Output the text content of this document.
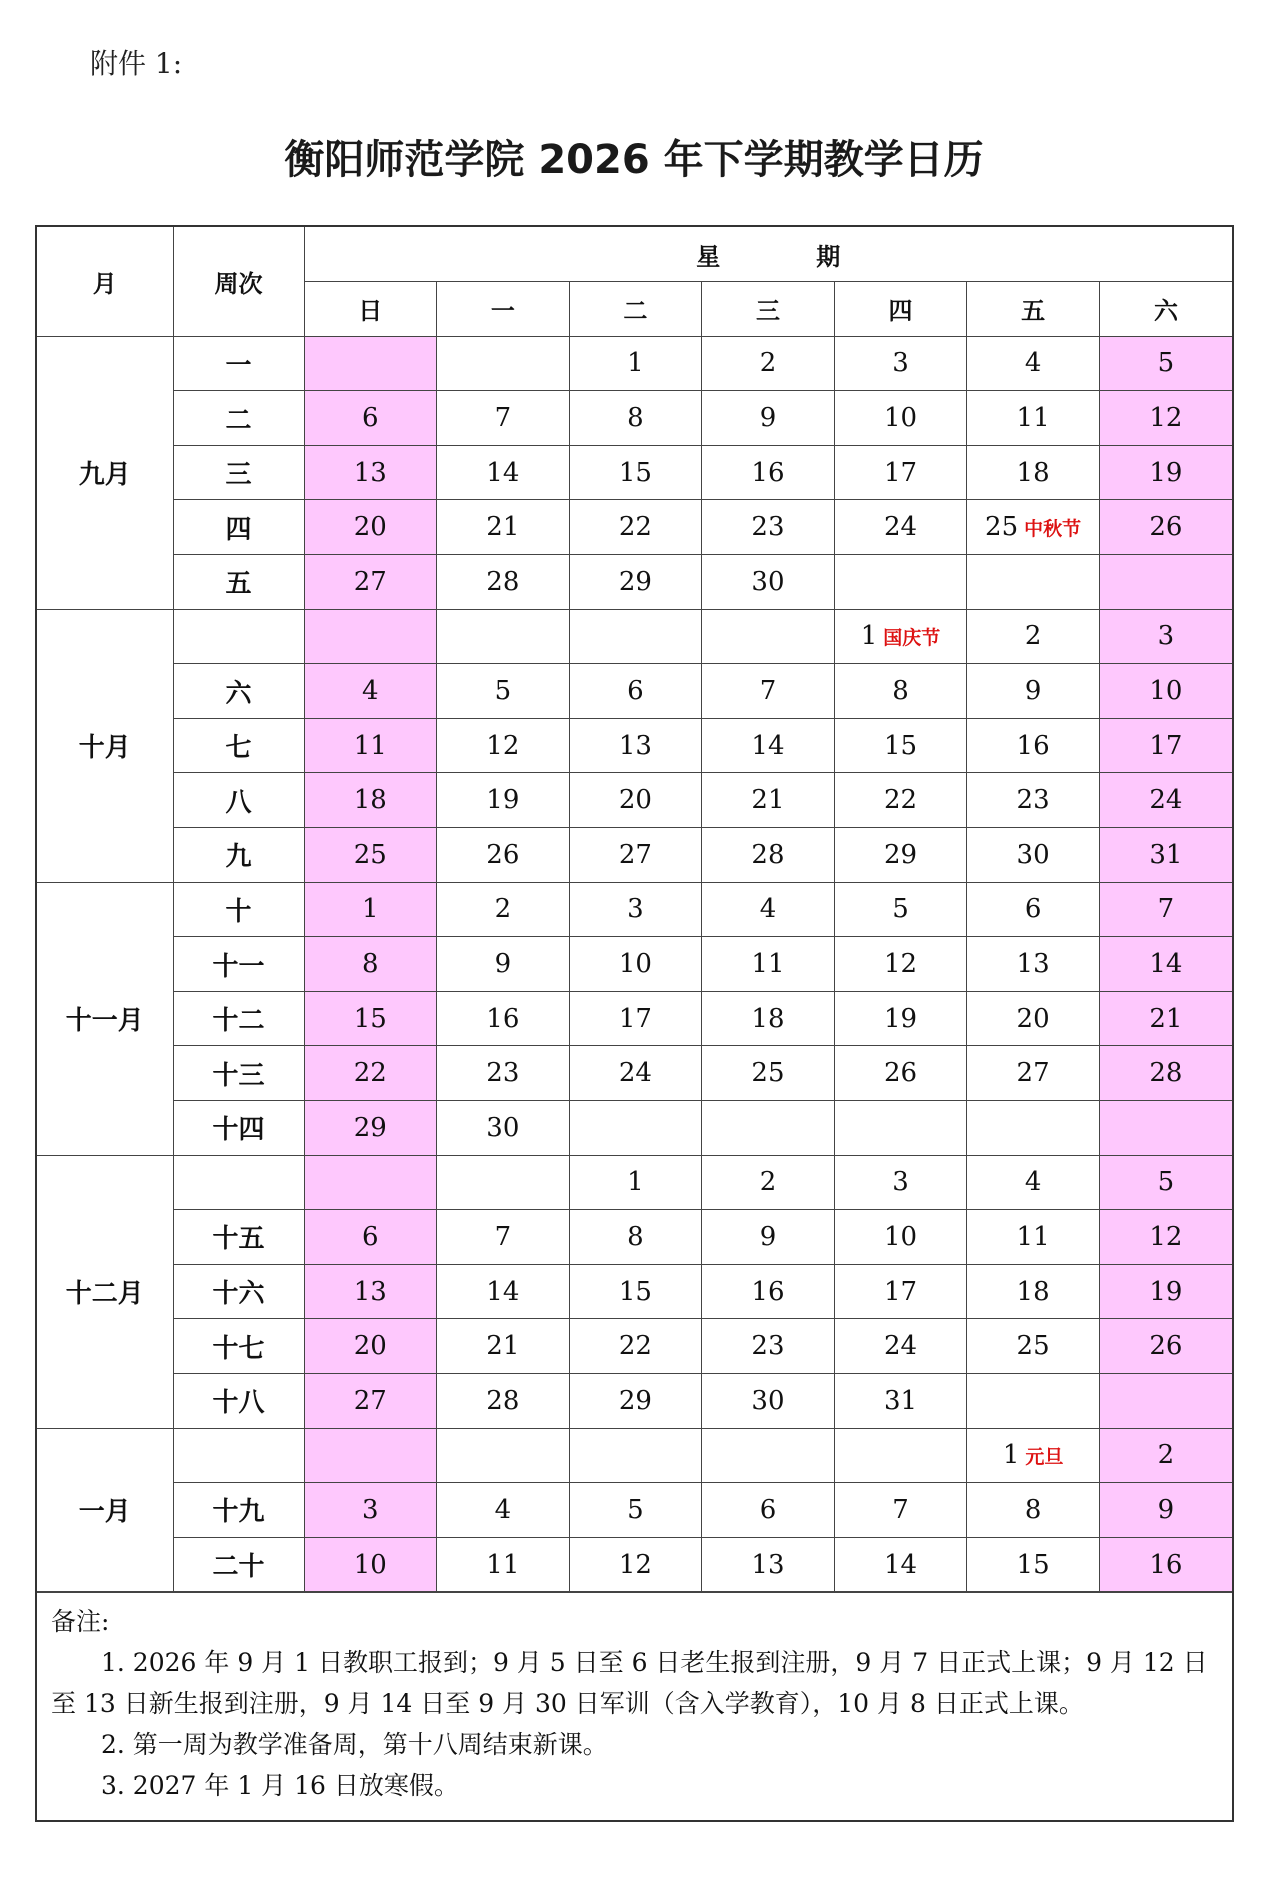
附件 1:
衡阳师范学院 2026 年下学期教学日历
月	周次	星　　　　期						
		日	一	二	三	四	五	六
九月	一			1	2	3	4	5
	二	6	7	8	9	10	11	12
	三	13	14	15	16	17	18	19
	四	20	21	22	23	24	25 中秋节	26
	五	27	28	29	30			
十月						1 国庆节	2	3
	六	4	5	6	7	8	9	10
	七	11	12	13	14	15	16	17
	八	18	19	20	21	22	23	24
	九	25	26	27	28	29	30	31
十一月	十	1	2	3	4	5	6	7
	十一	8	9	10	11	12	13	14
	十二	15	16	17	18	19	20	21
	十三	22	23	24	25	26	27	28
	十四	29	30					
十二月				1	2	3	4	5
	十五	6	7	8	9	10	11	12
	十六	13	14	15	16	17	18	19
	十七	20	21	22	23	24	25	26
	十八	27	28	29	30	31		
一月							1 元旦	2
	十九	3	4	5	6	7	8	9
	二十	10	11	12	13	14	15	16
备注:
1. 2026 年 9 月 1 日教职工报到；9 月 5 日至 6 日老生报到注册，9 月 7 日正式上课；9 月 12 日至 13 日新生报到注册，9 月 14 日至 9 月 30 日军训（含入学教育），10 月 8 日正式上课。
2. 第一周为教学准备周，第十八周结束新课。
3. 2027 年 1 月 16 日放寒假。
